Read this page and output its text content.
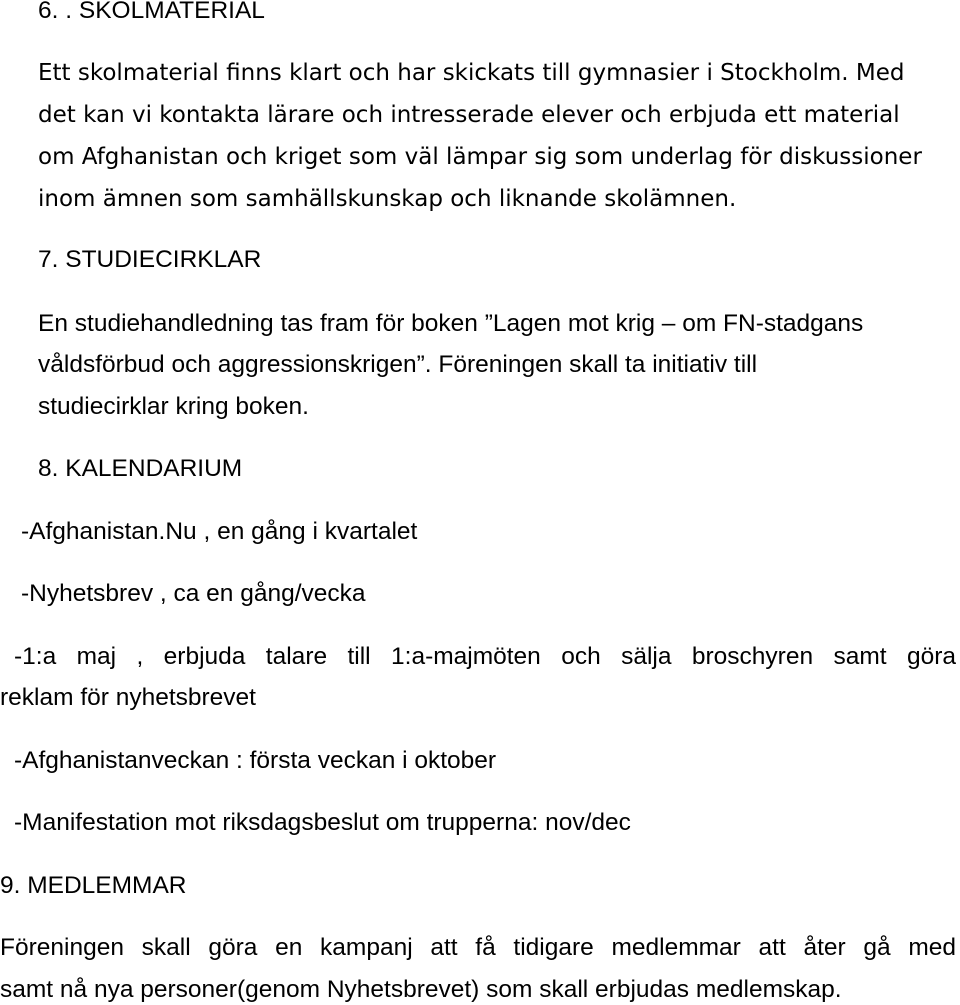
6. . SKOLMATERIAL

Ett skolmaterial finns klart och har skickats till gymnasier i Stockholm. Med

det kan vi kontakta lärare och intresserade elever och erbjuda ett material

om Afghanistan och kriget som väl lämpar sig som underlag för diskussioner

inom ämnen som samhällskunskap och liknande skolämnen.

7. STUDIECIRKLAR

En studiehandledning tas fram för boken ”Lagen mot krig – om FN-stadgans

våldsförbud och aggressionskrigen”. Föreningen skall ta initiativ till

studiecirklar kring boken.

8. KALENDARIUM

-Afghanistan.Nu , en gång i kvartalet

-Nyhetsbrev , ca en gång/vecka

-1:a maj , erbjuda talare till 1:a-majmöten och sälja broschyren samt göra

reklam för nyhetsbrevet

-Afghanistanveckan : första veckan i oktober

-Manifestation mot riksdagsbeslut om trupperna: nov/dec

9. MEDLEMMAR

Föreningen skall göra en kampanj att få tidigare medlemmar att åter gå med

samt nå nya personer(genom Nyhetsbrevet) som skall erbjudas medlemskap.
